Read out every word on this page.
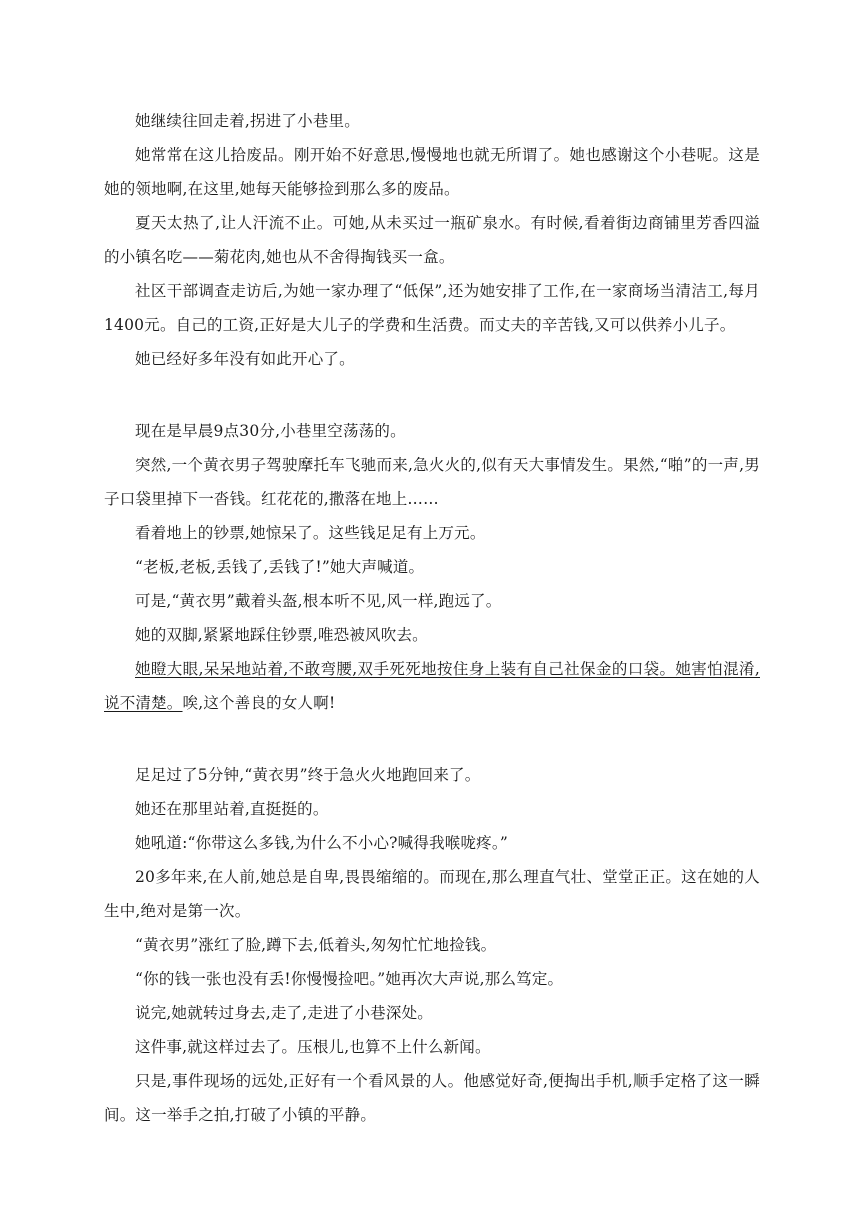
她继续往回走着,拐进了小巷里。

她常常在这儿拾废品。刚开始不好意思,慢慢地也就无所谓了。她也感谢这个小巷呢。这是她的领地啊,在这里,她每天能够捡到那么多的废品。

夏天太热了,让人汗流不止。可她,从未买过一瓶矿泉水。有时候,看着街边商铺里芳香四溢的小镇名吃——菊花肉,她也从不舍得掏钱买一盒。

社区干部调查走访后,为她一家办理了“低保”,还为她安排了工作,在一家商场当清洁工,每月1400元。自己的工资,正好是大儿子的学费和生活费。而丈夫的辛苦钱,又可以供养小儿子。

她已经好多年没有如此开心了。

现在是早晨9点30分,小巷里空荡荡的。

突然,一个黄衣男子驾驶摩托车飞驰而来,急火火的,似有天大事情发生。果然,“啪”的一声,男子口袋里掉下一沓钱。红花花的,撒落在地上……

看着地上的钞票,她惊呆了。这些钱足足有上万元。

“老板,老板,丢钱了,丢钱了!”她大声喊道。

可是,“黄衣男”戴着头盔,根本听不见,风一样,跑远了。

她的双脚,紧紧地踩住钞票,唯恐被风吹去。

她瞪大眼,呆呆地站着,不敢弯腰,双手死死地按住身上装有自己社保金的口袋。她害怕混淆,说不清楚。唉,这个善良的女人啊!

足足过了5分钟,“黄衣男”终于急火火地跑回来了。

她还在那里站着,直挺挺的。

她吼道:“你带这么多钱,为什么不小心?喊得我喉咙疼。”

20多年来,在人前,她总是自卑,畏畏缩缩的。而现在,那么理直气壮、堂堂正正。这在她的人生中,绝对是第一次。

“黄衣男”涨红了脸,蹲下去,低着头,匆匆忙忙地捡钱。

“你的钱一张也没有丢!你慢慢捡吧。”她再次大声说,那么笃定。

说完,她就转过身去,走了,走进了小巷深处。

这件事,就这样过去了。压根儿,也算不上什么新闻。

只是,事件现场的远处,正好有一个看风景的人。他感觉好奇,便掏出手机,顺手定格了这一瞬间。这一举手之拍,打破了小镇的平静。
